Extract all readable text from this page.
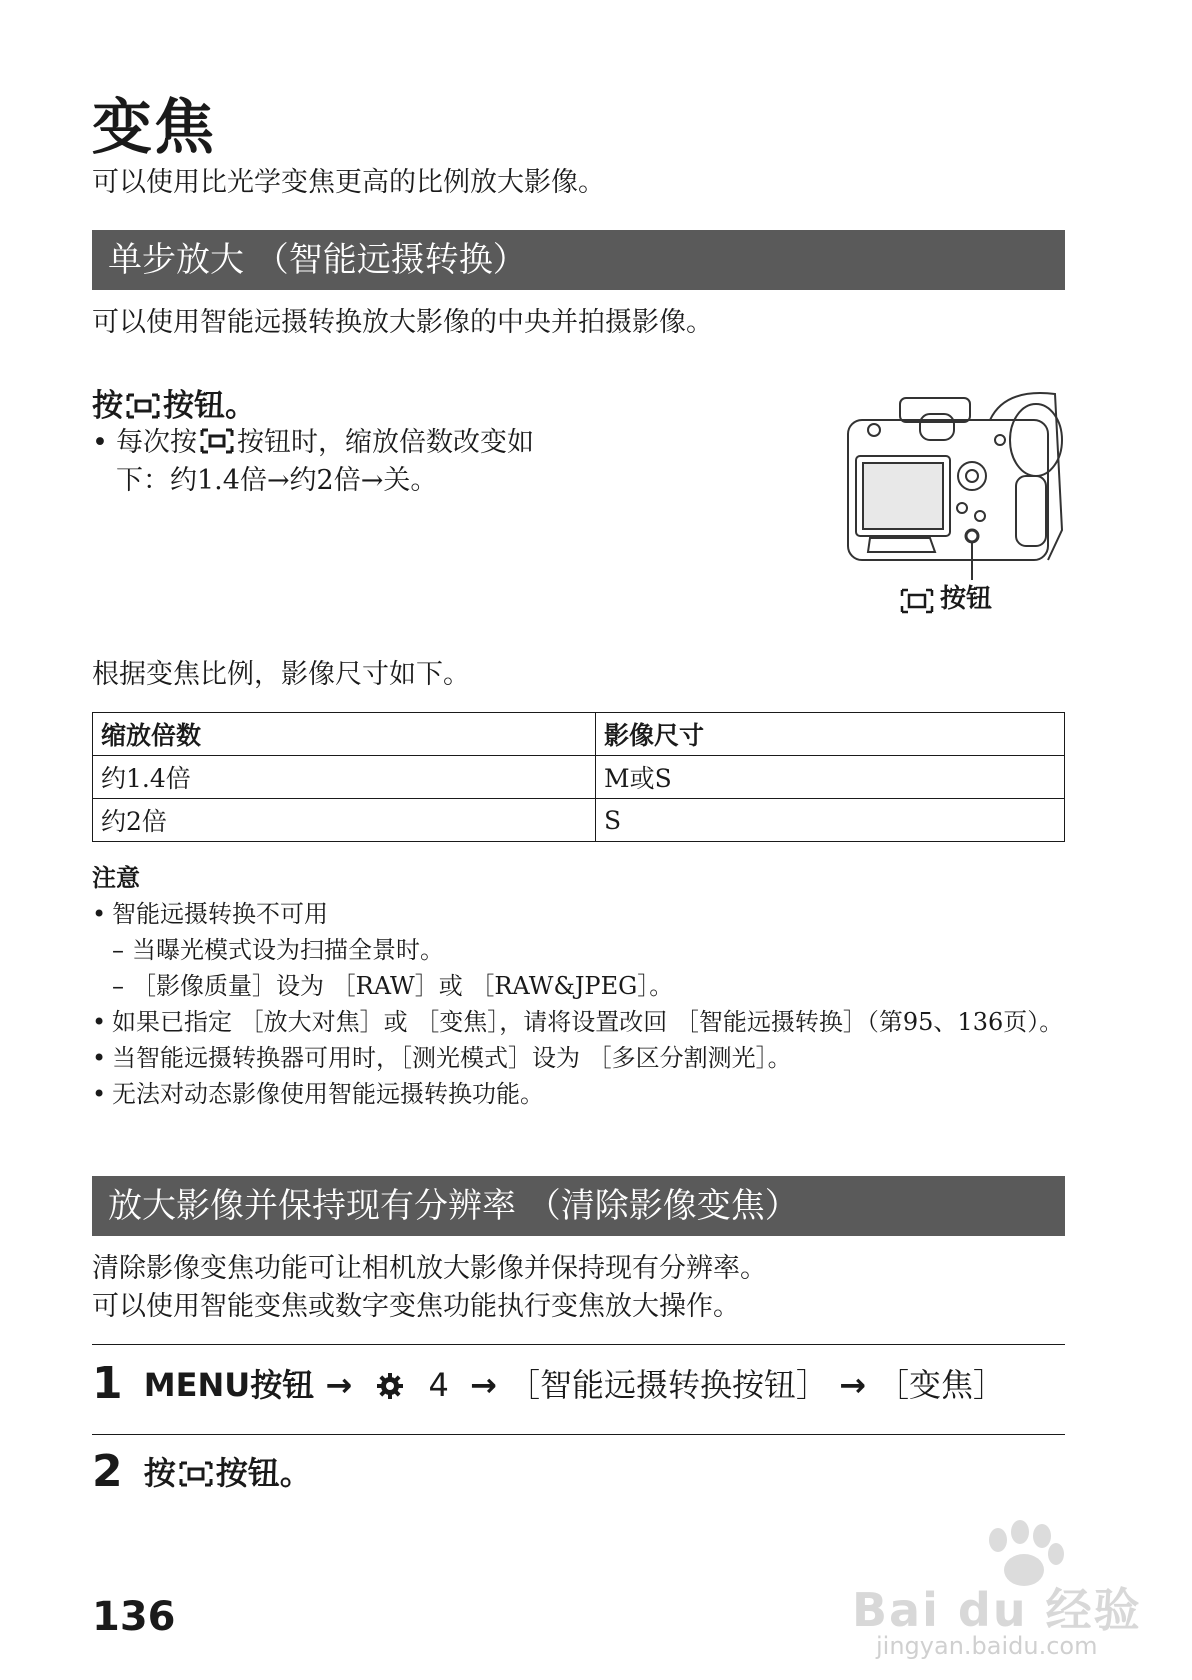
变焦
可以使用比光学变焦更高的比例放大影像。
单步放大 （智能远摄转换）
可以使用智能远摄转换放大影像的中央并拍摄影像。
按 按钮。
• 每次按 按钮时，缩放倍数改变如
下：约1.4倍→约2倍→关。
按钮
根据变焦比例，影像尺寸如下。
缩放倍数	影像尺寸
约1.4倍	M或S
约2倍	S
注意
• 智能远摄转换不可用
– 当曝光模式设为扫描全景时。
– ［影像质量］设为 ［RAW］或 ［RAW&JPEG］。
• 如果已指定 ［放大对焦］或 ［变焦］，请将设置改回 ［智能远摄转换］（第95、136页）。
• 当智能远摄转换器可用时，［测光模式］设为 ［多区分割测光］。
• 无法对动态影像使用智能远摄转换功能。
放大影像并保持现有分辨率 （清除影像变焦）
清除影像变焦功能可让相机放大影像并保持现有分辨率。
可以使用智能变焦或数字变焦功能执行变焦放大操作。
1 MENU按钮 → 4 → ［智能远摄转换按钮］ → ［变焦］
2 按 按钮。
136	Bai du 经验
jingyan.baidu.com
